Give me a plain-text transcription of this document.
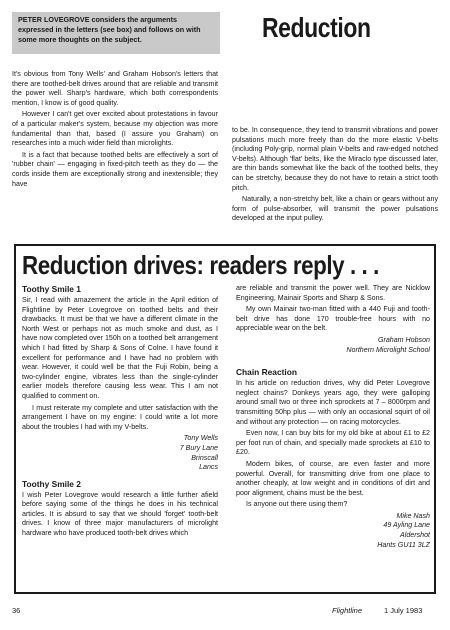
PETER LOVEGROVE considers the arguments expressed in the letters (see box) and follows on with some more thoughts on the subject.	Reduction

It's obvious from Tony Wells' and Graham Hobson's letters that there are toothed-belt drives around that are reliable and transmit the power well. Sharp's hardware, which both correspondents mention, I know is of good quality.

However I can't get over excited about protestations in favour of a particular maker's system, because my objection was more fundamental than that, based (I assure you Graham) on researches into a much wider field than microlights.

It is a fact that because toothed belts are effectively a sort of 'rubber chain' — engaging in fixed-pitch teeth as they do — the cords inside them are exceptionally strong and inextensible; they have

to be. In consequence, they tend to transmit vibrations and power pulsations much more freely than do the more elastic V-belts (including Poly-grip, normal plain V-belts and raw-edged notched V-belts). Although 'flat' belts, like the Miraclo type discussed later, are thin bands somewhat like the back of the toothed belts, they can be stretchy, because they do not have to retain a strict tooth pitch.

Naturally, a non-stretchy belt, like a chain or gears without any form of pulse-absorber, will transmit the power pulsations developed at the input pulley.

Reduction drives: readers reply . . .
Toothy Smile 1

Sir, I read with amazement the article in the April edition of Flightline by Peter Lovegrove on toothed belts and their drawbacks. It must be that we have a different climate in the North West or perhaps not as much smoke and dust, as I have now completed over 150h on a toothed belt arrangement which I had fitted by Sharp & Sons of Colne. I have found it excellent for performance and I have had no problem with wear. However, it could well be that the Fuji Robin, being a two-cylinder engine, vibrates less than the single-cylinder earlier models therefore causing less wear. This I am not qualified to comment on.

I must reiterate my complete and utter satisfaction with the arrangement I have on my engine: I could write a lot more about the troubles I had with my V-belts.

Tony Wells
7 Bury Lane
Brinscall
Lancs
Toothy Smile 2

I wish Peter Lovegrove would research a little further afield before saying some of the things he does in his technical articles. It is absurd to say that we should 'forget' tooth-belt drives. I know of three major manufacturers of microlight hardware who have produced tooth-belt drives which

are reliable and transmit the power well. They are Nicklow Engineering, Mainair Sports and Sharp & Sons.

My own Mainair two-man fitted with a 440 Fuji and tooth-belt drive has done 170 trouble-free hours with no appreciable wear on the belt.

Graham Hobson
Northern Microlight School
Chain Reaction

In his article on reduction drives, why did Peter Lovegrove neglect chains? Donkeys years ago, they were galloping around small two or three inch sprockets at 7 – 8000rpm and transmitting 50hp plus — with only an occasional squirt of oil and without any protection — on racing motorcycles.

Even now, I can buy bits for my old bike at about £1 to £2 per foot run of chain, and specially made sprockets at £10 to £20.

Modern bikes, of course, are even faster and more powerful. Overall, for transmitting drive from one place to another cheaply, at low weight and in conditions of dirt and poor alignment, chains must be the best.

Is anyone out there using them?

Mike Nash
49 Ayling Lane
Aldershot
Hants GU11 3LZ
36	Flightline	1 July 1983
